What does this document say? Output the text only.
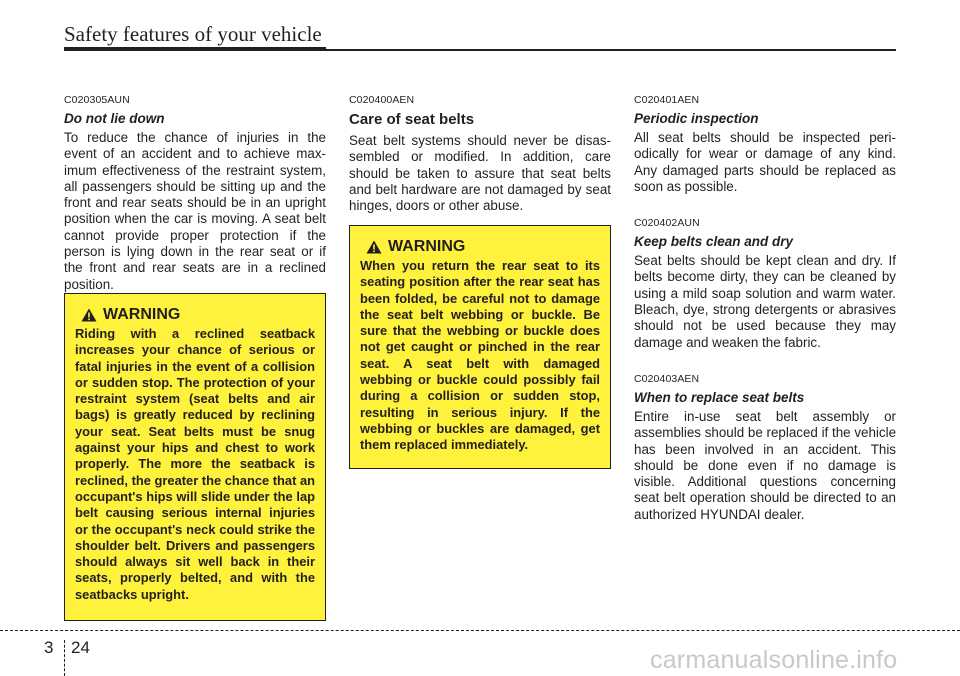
Safety features of your vehicle

C020305AUN

Do not lie down

To reduce the chance of injuries in the event of an accident and to achieve maximum effectiveness of the restraint system, all passengers should be sitting up and the front and rear seats should be in an upright position when the car is moving. A seat belt cannot provide proper protection if the person is lying down in the rear seat or if the front and rear seats are in a reclined position.

WARNING

Riding with a reclined seatback increases your chance of serious or fatal injuries in the event of a collision or sudden stop. The protection of your restraint system (seat belts and air bags) is greatly reduced by reclining your seat. Seat belts must be snug against your hips and chest to work properly. The more the seatback is reclined, the greater the chance that an occupant's hips will slide under the lap belt causing serious internal injuries or the occupant's neck could strike the shoulder belt. Drivers and passengers should always sit well back in their seats, properly belted, and with the seatbacks upright.

C020400AEN

Care of seat belts

Seat belt systems should never be disassembled or modified. In addition, care should be taken to assure that seat belts and belt hardware are not damaged by seat hinges, doors or other abuse.

WARNING

When you return the rear seat to its seating position after the rear seat has been folded, be careful not to damage the seat belt webbing or buckle. Be sure that the webbing or buckle does not get caught or pinched in the rear seat. A seat belt with damaged webbing or buckle could possibly fail during a collision or sudden stop, resulting in serious injury. If the webbing or buckles are damaged, get them replaced immediately.

C020401AEN

Periodic inspection

All seat belts should be inspected periodically for wear or damage of any kind. Any damaged parts should be replaced as soon as possible.

C020402AUN

Keep belts clean and dry

Seat belts should be kept clean and dry. If belts become dirty, they can be cleaned by using a mild soap solution and warm water. Bleach, dye, strong detergents or abrasives should not be used because they may damage and weaken the fabric.

C020403AEN

When to replace seat belts

Entire in-use seat belt assembly or assemblies should be replaced if the vehicle has been involved in an accident. This should be done even if no damage is visible. Additional questions concerning seat belt operation should be directed to an authorized HYUNDAI dealer.

3 24	carmanualsonline.info
